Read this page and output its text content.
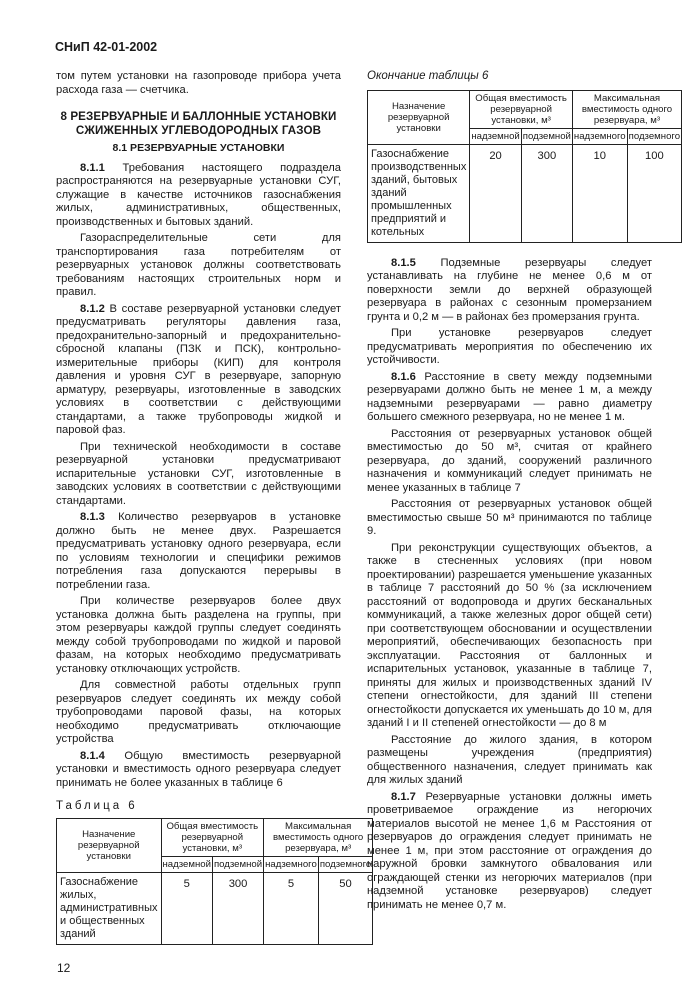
СНиП 42-01-2002

том путем установки на газопроводе прибора учета расхода газа — счетчика.

8 РЕЗЕРВУАРНЫЕ И БАЛЛОННЫЕ УСТАНОВКИ СЖИЖЕННЫХ УГЛЕВОДОРОДНЫХ ГАЗОВ
8.1 РЕЗЕРВУАРНЫЕ УСТАНОВКИ

8.1.1 Требования настоящего подраздела распространяются на резервуарные установки СУГ, служащие в качестве источников газоснабжения жилых, административных, общественных, производственных и бытовых зданий.

Газораспределительные сети для транспортирования газа потребителям от резервуарных установок должны соответствовать требованиям настоящих строительных норм и правил.

8.1.2 В составе резервуарной установки следует предусматривать регуляторы давления газа, предохранительно-запорный и предохранительно-сбросной клапаны (ПЗК и ПСК), контрольно-измерительные приборы (КИП) для контроля давления и уровня СУГ в резервуаре, запорную арматуру, резервуары, изготовленные в заводских условиях в соответствии с действующими стандартами, а также трубопроводы жидкой и паровой фаз.

При технической необходимости в составе резервуарной установки предусматривают испарительные установки СУГ, изготовленные в заводских условиях в соответствии с действующими стандартами.

8.1.3 Количество резервуаров в установке должно быть не менее двух. Разрешается предусматривать установку одного резервуара, если по условиям технологии и специфики режимов потребления газа допускаются перерывы в потреблении газа.

При количестве резервуаров более двух установка должна быть разделена на группы, при этом резервуары каждой группы следует соединять между собой трубопроводами по жидкой и паровой фазам, на которых необходимо предусматривать установку отключающих устройств.

Для совместной работы отдельных групп резервуаров следует соединять их между собой трубопроводами паровой фазы, на которых необходимо предусматривать отключающие устройства

8.1.4 Общую вместимость резервуарной установки и вместимость одного резервуара следует принимать не более указанных в таблице 6

Таблица 6
Назначение резервуарной установки	Общая вместимость резервуарной установки, м³		Максимальная вместимость одного резервуара, м³	
	надземной	подземной	надземного	подземного
Газоснабжение жилых, административных и общественных зданий	5	300	5	50
Окончание таблицы 6
Назначение резервуарной установки	Общая вместимость резервуарной установки, м³		Максимальная вместимость одного резервуара, м³	
	надземной	подземной	надземного	подземного
Газоснабжение производственных зданий, бытовых зданий промышленных предприятий и котельных	20	300	10	100

8.1.5 Подземные резервуары следует устанавливать на глубине не менее 0,6 м от поверхности земли до верхней образующей резервуара в районах с сезонным промерзанием грунта и 0,2 м — в районах без промерзания грунта.

При установке резервуаров следует предусматривать мероприятия по обеспечению их устойчивости.

8.1.6 Расстояние в свету между подземными резервуарами должно быть не менее 1 м, а между надземными резервуарами — равно диаметру большего смежного резервуара, но не менее 1 м.

Расстояния от резервуарных установок общей вместимостью до 50 м³, считая от крайнего резервуара, до зданий, сооружений различного назначения и коммуникаций следует принимать не менее указанных в таблице 7

Расстояния от резервуарных установок общей вместимостью свыше 50 м³ принимаются по таблице 9.

При реконструкции существующих объектов, а также в стесненных условиях (при новом проектировании) разрешается уменьшение указанных в таблице 7 расстояний до 50 % (за исключением расстояний от водопровода и других бесканальных коммуникаций, а также железных дорог общей сети) при соответствующем обосновании и осуществлении мероприятий, обеспечивающих безопасность при эксплуатации. Расстояния от баллонных и испарительных установок, указанные в таблице 7, приняты для жилых и производственных зданий IV степени огнестойкости, для зданий III степени огнестойкости допускается их уменьшать до 10 м, для зданий I и II степеней огнестойкости — до 8 м

Расстояние до жилого здания, в котором размещены учреждения (предприятия) общественного назначения, следует принимать как для жилых зданий

8.1.7 Резервуарные установки должны иметь проветриваемое ограждение из негорючих материалов высотой не менее 1,6 м Расстояния от резервуаров до ограждения следует принимать не менее 1 м, при этом расстояние от ограждения до наружной бровки замкнутого обвалования или ограждающей стенки из негорючих материалов (при надземной установке резервуаров) следует принимать не менее 0,7 м.

12
